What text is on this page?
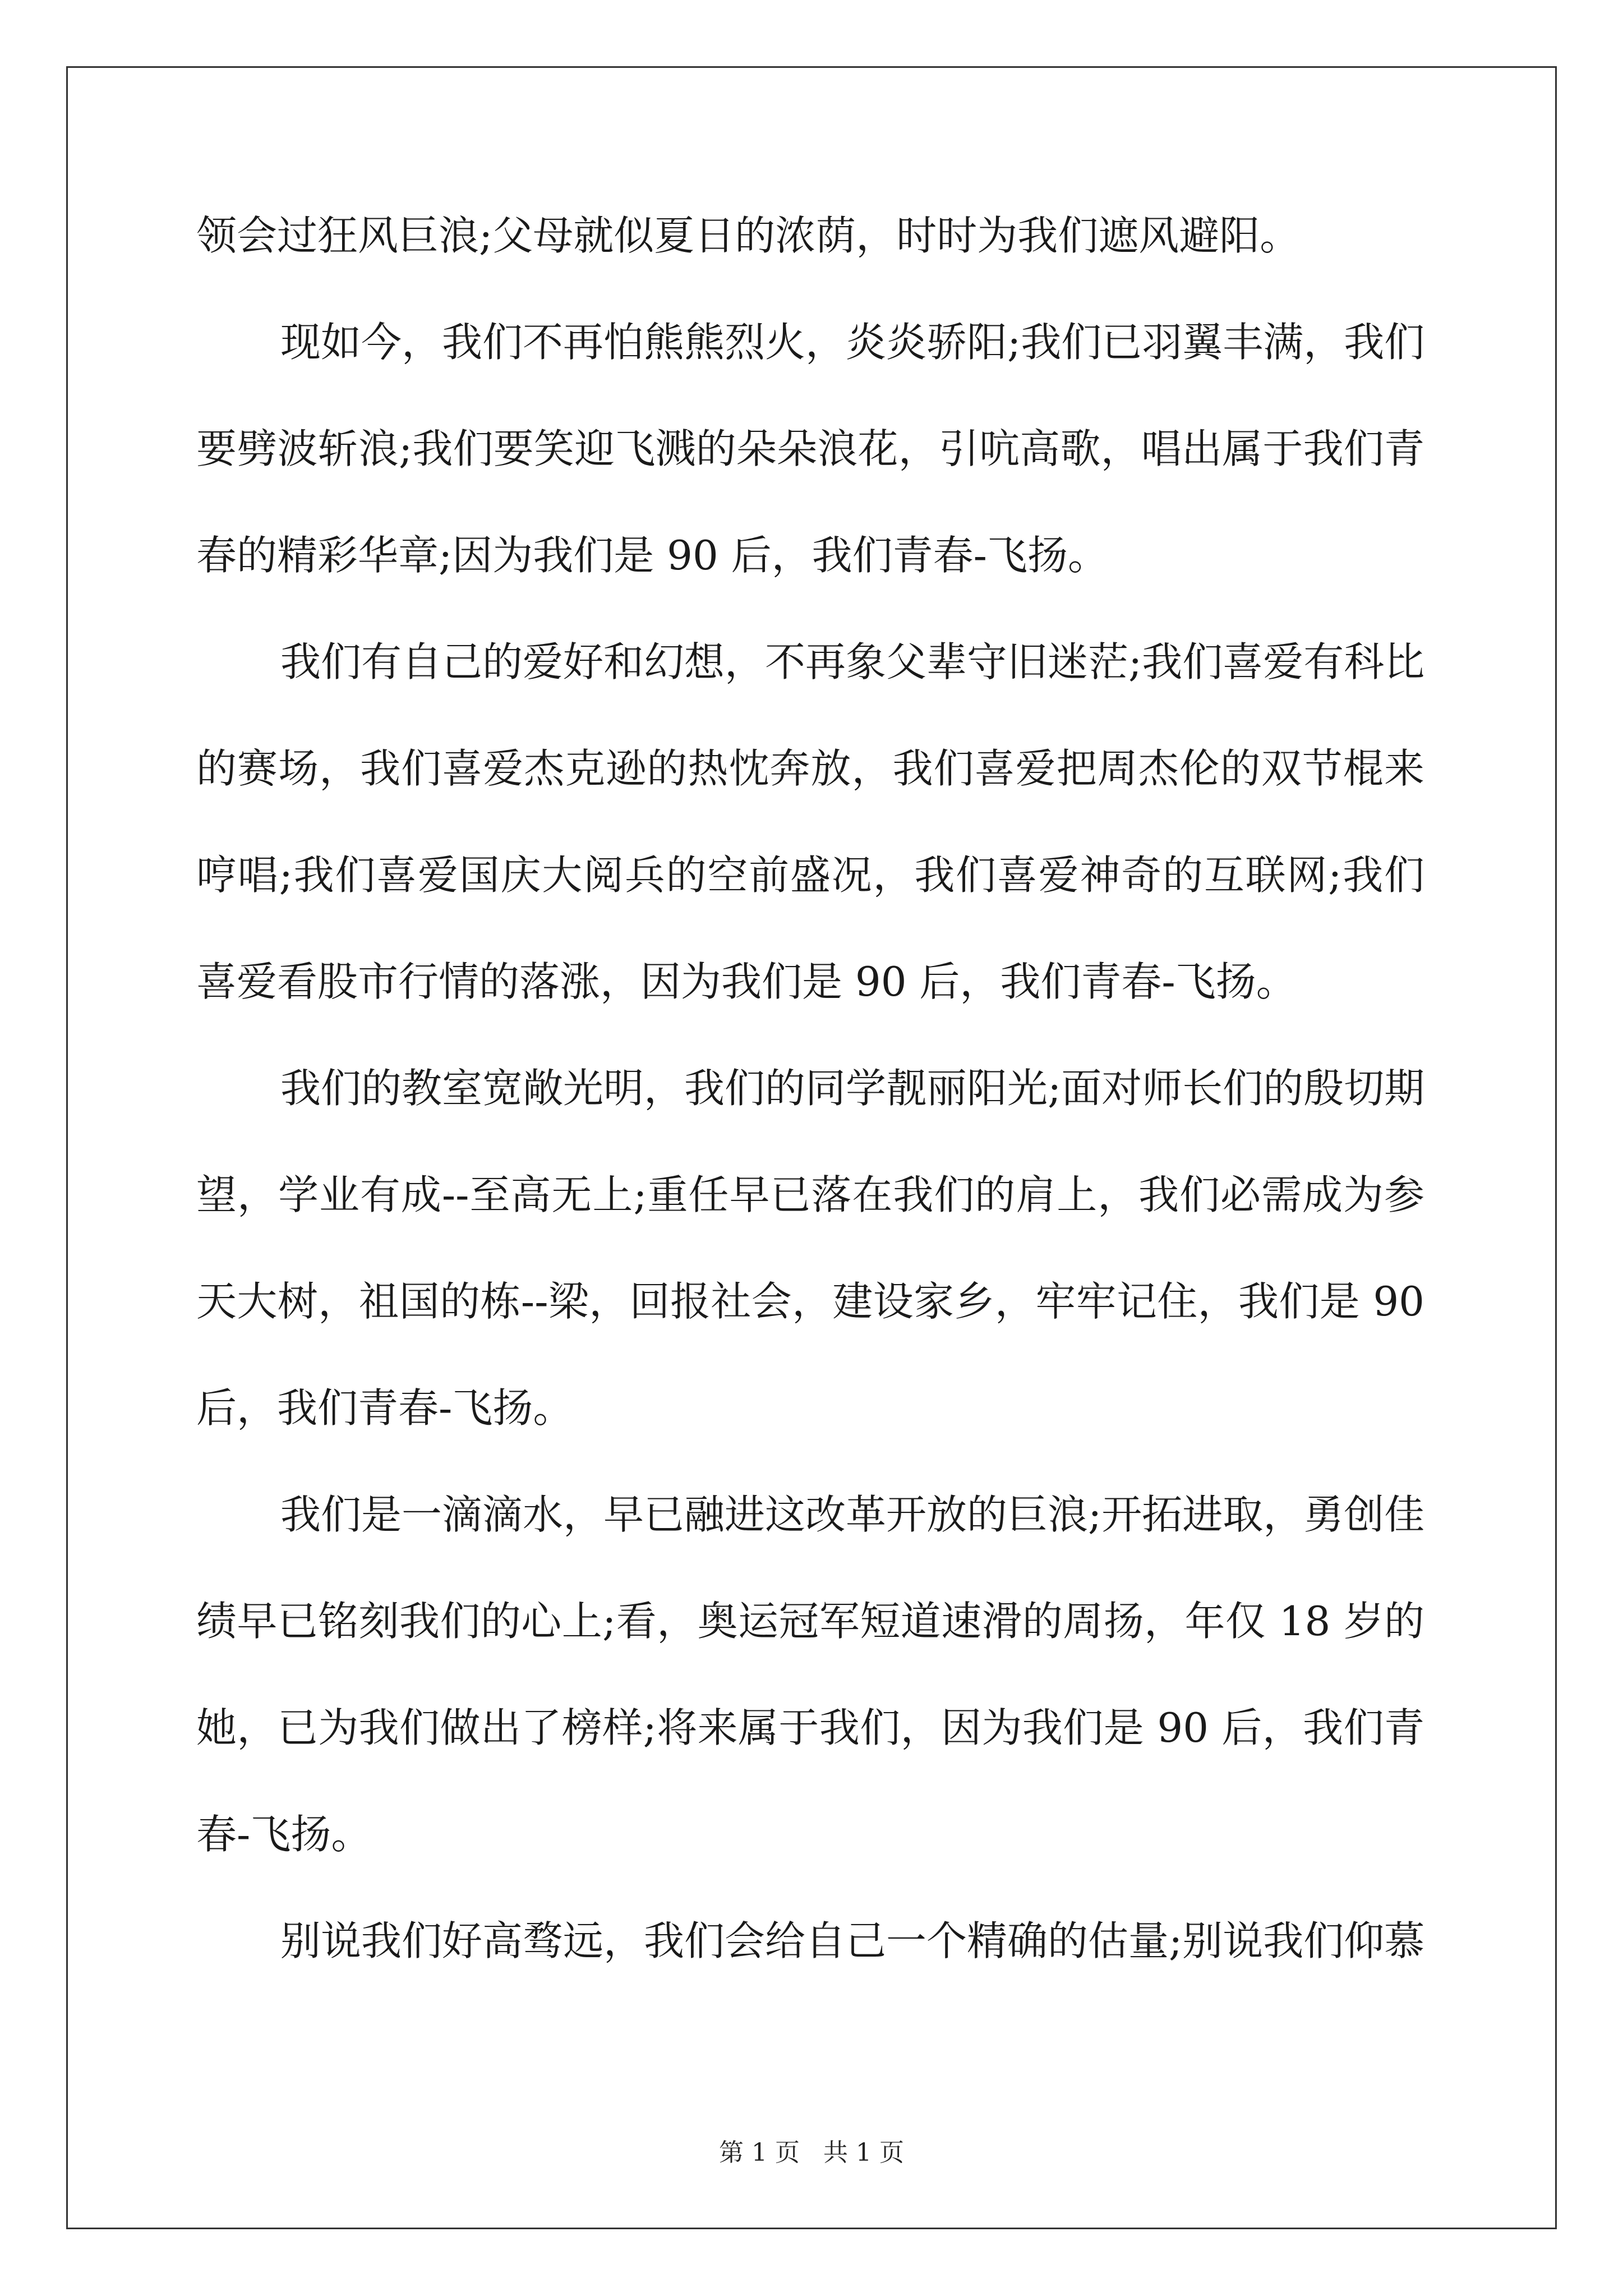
领会过狂风巨浪;父母就似夏日的浓荫，时时为我们遮风避阳。
现如今，我们不再怕熊熊烈火，炎炎骄阳;我们已羽翼丰满，我们
要劈波斩浪;我们要笑迎飞溅的朵朵浪花，引吭高歌，唱出属于我们青
春的精彩华章;因为我们是 90 后，我们青春-飞扬。
我们有自己的爱好和幻想，不再象父辈守旧迷茫;我们喜爱有科比
的赛场，我们喜爱杰克逊的热忱奔放，我们喜爱把周杰伦的双节棍来
哼唱;我们喜爱国庆大阅兵的空前盛况，我们喜爱神奇的互联网;我们
喜爱看股市行情的落涨，因为我们是 90 后，我们青春-飞扬。
我们的教室宽敞光明，我们的同学靓丽阳光;面对师长们的殷切期
望，学业有成--至高无上;重任早已落在我们的肩上，我们必需成为参
天大树，祖国的栋--梁，回报社会，建设家乡，牢牢记住，我们是 90
后，我们青春-飞扬。
我们是一滴滴水，早已融进这改革开放的巨浪;开拓进取，勇创佳
绩早已铭刻我们的心上;看，奥运冠军短道速滑的周扬，年仅 18 岁的
她，已为我们做出了榜样;将来属于我们，因为我们是 90 后，我们青
春-飞扬。
别说我们好高骛远，我们会给自己一个精确的估量;别说我们仰慕
第 1 页 共 1 页
